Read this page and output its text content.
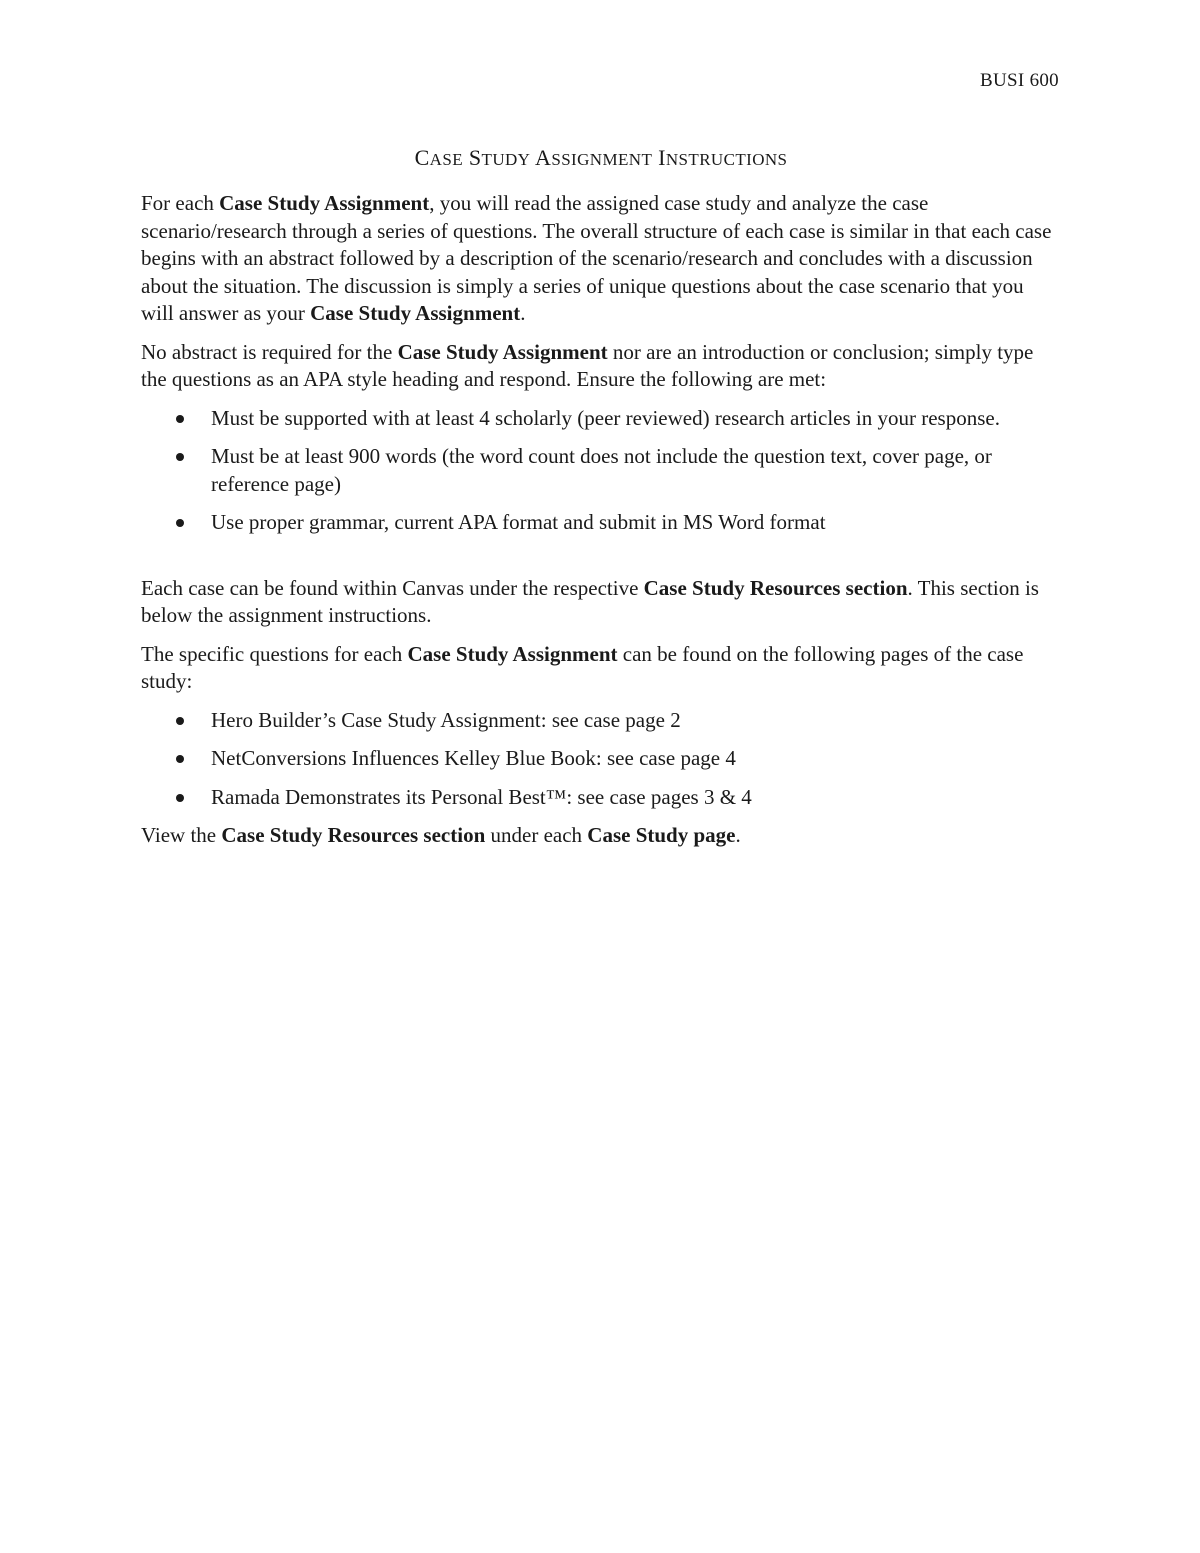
BUSI 600
CASE STUDY ASSIGNMENT INSTRUCTIONS

For each Case Study Assignment, you will read the assigned case study and analyze the case scenario/research through a series of questions. The overall structure of each case is similar in that each case begins with an abstract followed by a description of the scenario/research and concludes with a discussion about the situation. The discussion is simply a series of unique questions about the case scenario that you will answer as your Case Study Assignment.

No abstract is required for the Case Study Assignment nor are an introduction or conclusion; simply type the questions as an APA style heading and respond. Ensure the following are met:

Must be supported with at least 4 scholarly (peer reviewed) research articles in your response.
Must be at least 900 words (the word count does not include the question text, cover page, or reference page)
Use proper grammar, current APA format and submit in MS Word format

Each case can be found within Canvas under the respective Case Study Resources section. This section is below the assignment instructions.

The specific questions for each Case Study Assignment can be found on the following pages of the case study:

Hero Builder’s Case Study Assignment: see case page 2
NetConversions Influences Kelley Blue Book: see case page 4
Ramada Demonstrates its Personal Best™: see case pages 3 & 4

View the Case Study Resources section under each Case Study page.
